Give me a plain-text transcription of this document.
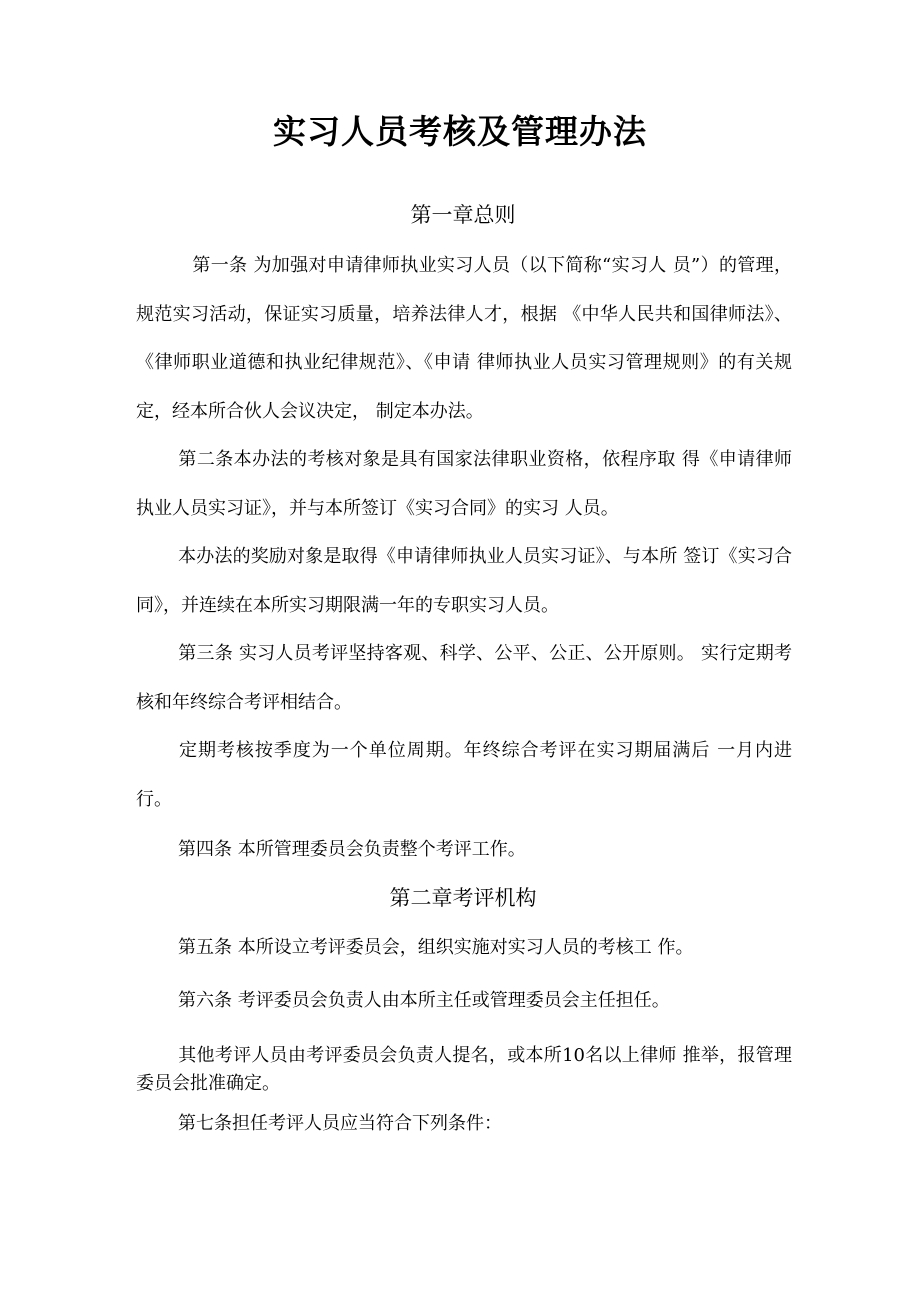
实习人员考核及管理办法
第一章总则

第一条 为加强对申请律师执业实习人员（以下简称“实习人 员”）的管理，规范实习活动，保证实习质量，培养法律人才，根据 《中华人民共和国律师法》、《律师职业道德和执业纪律规范》、《申请 律师执业人员实习管理规则》的有关规定，经本所合伙人会议决定， 制定本办法。

第二条本办法的考核对象是具有国家法律职业资格，依程序取 得《申请律师执业人员实习证》，并与本所签订《实习合同》的实习 人员。

本办法的奖励对象是取得《申请律师执业人员实习证》、与本所 签订《实习合同》，并连续在本所实习期限满一年的专职实习人员。

第三条 实习人员考评坚持客观、科学、公平、公正、公开原则。 实行定期考核和年终综合考评相结合。

定期考核按季度为一个单位周期。年终综合考评在实习期届满后 一月内进行。

第四条 本所管理委员会负责整个考评工作。

第二章考评机构

第五条 本所设立考评委员会，组织实施对实习人员的考核工 作。

第六条 考评委员会负责人由本所主任或管理委员会主任担任。

其他考评人员由考评委员会负责人提名，或本所10名以上律师 推举，报管理委员会批准确定。

第七条担任考评人员应当符合下列条件：
